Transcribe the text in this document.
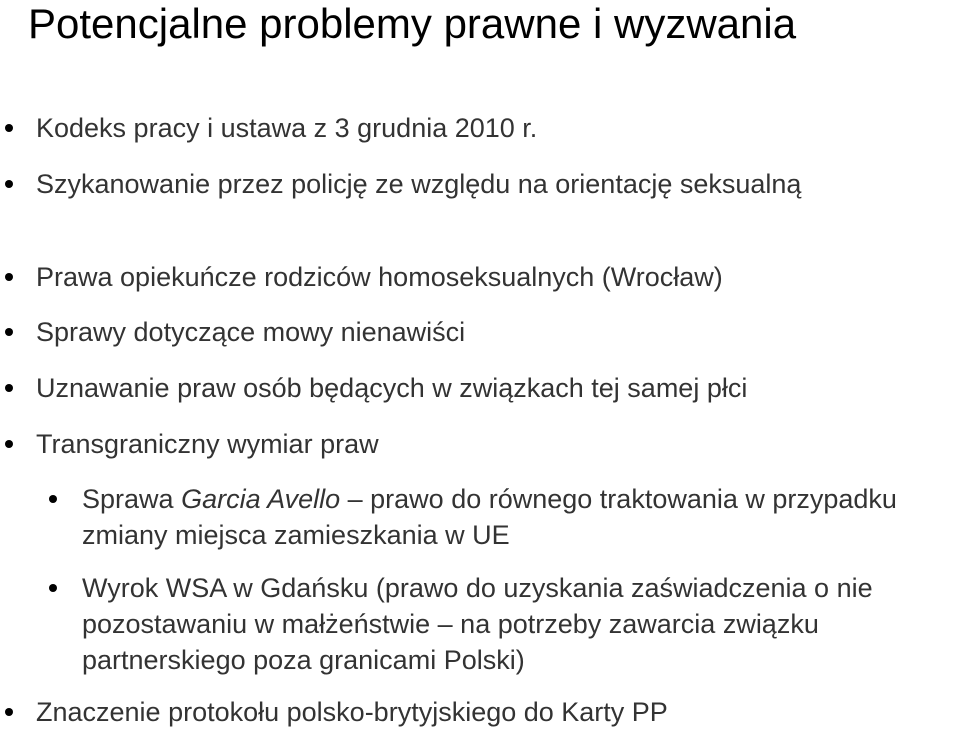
Potencjalne problemy prawne i wyzwania
Kodeks pracy i ustawa z 3 grudnia 2010 r.
Szykanowanie przez policję ze względu na orientację seksualną
Prawa opiekuńcze rodziców homoseksualnych (Wrocław)
Sprawy dotyczące mowy nienawiści
Uznawanie praw osób będących w związkach tej samej płci
Transgraniczny wymiar praw
Sprawa Garcia Avello – prawo do równego traktowania w przypadku zmiany miejsca zamieszkania w UE
Wyrok WSA w Gdańsku (prawo do uzyskania zaświadczenia o nie pozostawaniu w małżeństwie – na potrzeby zawarcia związku partnerskiego poza granicami Polski)
Znaczenie protokołu polsko-brytyjskiego do Karty PP
